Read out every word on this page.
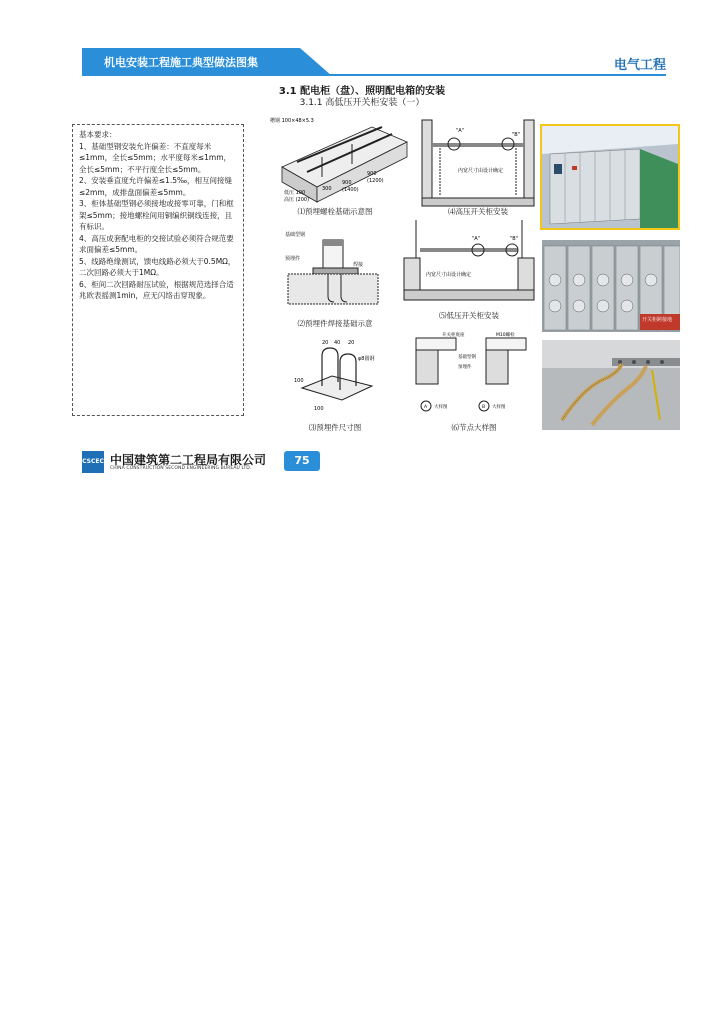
机电安装工程施工典型做法图集	电气工程
3.1 配电柜（盘）、照明配电箱的安装
3.1.1 高低压开关柜安装（一）
基本要求：
1、基础型钢安装允许偏差：不直度每米≤1mm，全长≤5mm；水平度每米≤1mm，全长≤5mm；不平行度全长≤5mm。
2、安装垂直度允许偏差≤1.5‰，相互间接缝≤2mm，成排盘面偏差≤5mm。
3、柜体基础型钢必须接地或接零可靠，门和框架≤5mm；接地螺栓间用铜编织铜线连接，且有标识。
4、高压成套配电柜的交接试验必须符合规范要求面偏差≤5mm。
5、线路绝缘测试，馈电线路必须大于0.5MΩ，二次回路必须大于1MΩ。
6、柜间二次回路耐压试验，根据规范选择合适兆欧表摇测1min，应无闪络击穿现象。
槽钢 100×48×5.3
300
900
(1400)
900
(1200)
低压 100
高压 (200)
⑴预埋螺栓基础示意图
基础型钢
预埋件
焊接
⑵预埋件焊接基础示意
20 40 20
φ8圆钢
100
100
⑶预埋件尺寸图
"A"
"B"
内宽尺寸由设计确定
⑷高压开关柜安装
"A"	"B"
内宽尺寸由设计确定
⑸低压开关柜安装
开关柜底座	M10螺栓
基础型钢
预埋件
A 大样图	B 大样图
⑹节点大样图
开关柜跨接地
CSCEC 中国建筑第二工程局有限公司
CHINA CONSTRUCTION SECOND ENGINEERING BUREAU LTD.
75
